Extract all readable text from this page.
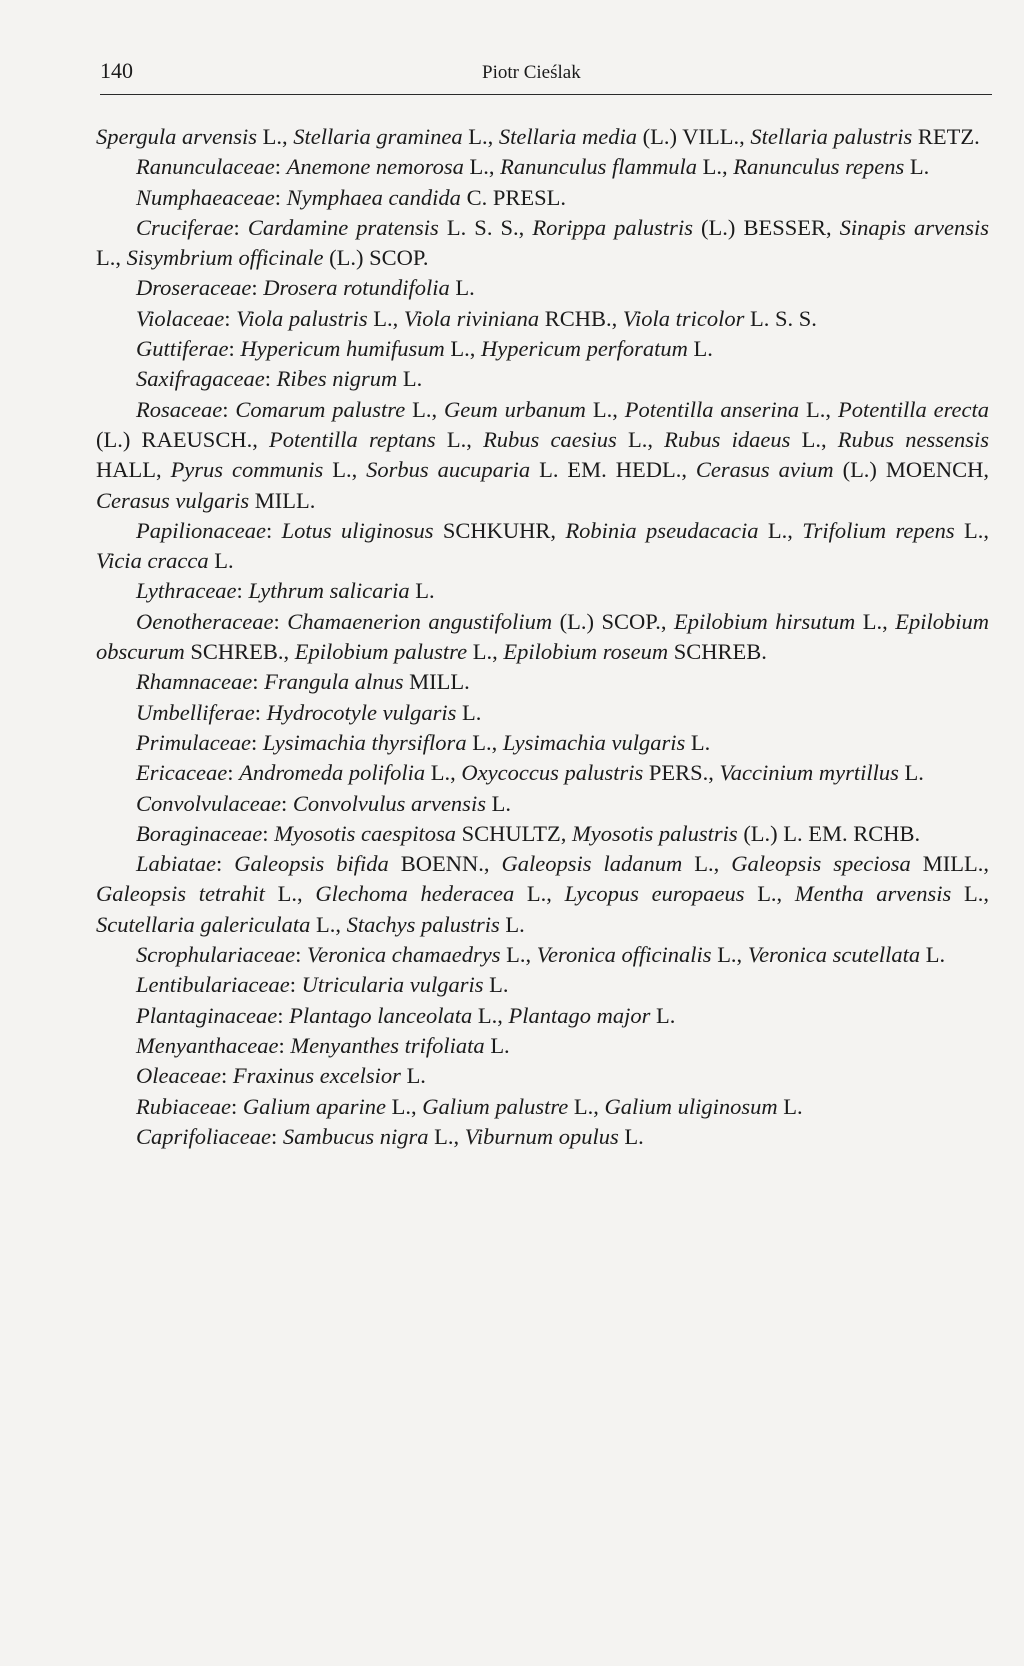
140	Piotr Cieślak

Spergula arvensis L., Stellaria graminea L., Stellaria media (L.) VILL., Stellaria palustris RETZ.

Ranunculaceae: Anemone nemorosa L., Ranunculus flammula L., Ranunculus repens L.

Numphaeaceae: Nymphaea candida C. PRESL.

Cruciferae: Cardamine pratensis L. S. S., Rorippa palustris (L.) BESSER, Sinapis arvensis L., Sisymbrium officinale (L.) SCOP.

Droseraceae: Drosera rotundifolia L.

Violaceae: Viola palustris L., Viola riviniana RCHB., Viola tricolor L. S. S.

Guttiferae: Hypericum humifusum L., Hypericum perforatum L.

Saxifragaceae: Ribes nigrum L.

Rosaceae: Comarum palustre L., Geum urbanum L., Potentilla anserina L., Potentilla erecta (L.) RAEUSCH., Potentilla reptans L., Rubus caesius L., Rubus idaeus L., Rubus nessensis HALL, Pyrus communis L., Sorbus aucuparia L. EM. HEDL., Cerasus avium (L.) MOENCH, Cerasus vulgaris MILL.

Papilionaceae: Lotus uliginosus SCHKUHR, Robinia pseudacacia L., Trifolium repens L., Vicia cracca L.

Lythraceae: Lythrum salicaria L.

Oenotheraceae: Chamaenerion angustifolium (L.) SCOP., Epilobium hirsutum L., Epilobium obscurum SCHREB., Epilobium palustre L., Epilobium roseum SCHREB.

Rhamnaceae: Frangula alnus MILL.

Umbelliferae: Hydrocotyle vulgaris L.

Primulaceae: Lysimachia thyrsiflora L., Lysimachia vulgaris L.

Ericaceae: Andromeda polifolia L., Oxycoccus palustris PERS., Vaccinium myrtillus L.

Convolvulaceae: Convolvulus arvensis L.

Boraginaceae: Myosotis caespitosa SCHULTZ, Myosotis palustris (L.) L. EM. RCHB.

Labiatae: Galeopsis bifida BOENN., Galeopsis ladanum L., Galeopsis speciosa MILL., Galeopsis tetrahit L., Glechoma hederacea L., Lycopus europaeus L., Mentha arvensis L., Scutellaria galericulata L., Stachys palustris L.

Scrophulariaceae: Veronica chamaedrys L., Veronica officinalis L., Veronica scutellata L.

Lentibulariaceae: Utricularia vulgaris L.

Plantaginaceae: Plantago lanceolata L., Plantago major L.

Menyanthaceae: Menyanthes trifoliata L.

Oleaceae: Fraxinus excelsior L.

Rubiaceae: Galium aparine L., Galium palustre L., Galium uliginosum L.

Caprifoliaceae: Sambucus nigra L., Viburnum opulus L.
